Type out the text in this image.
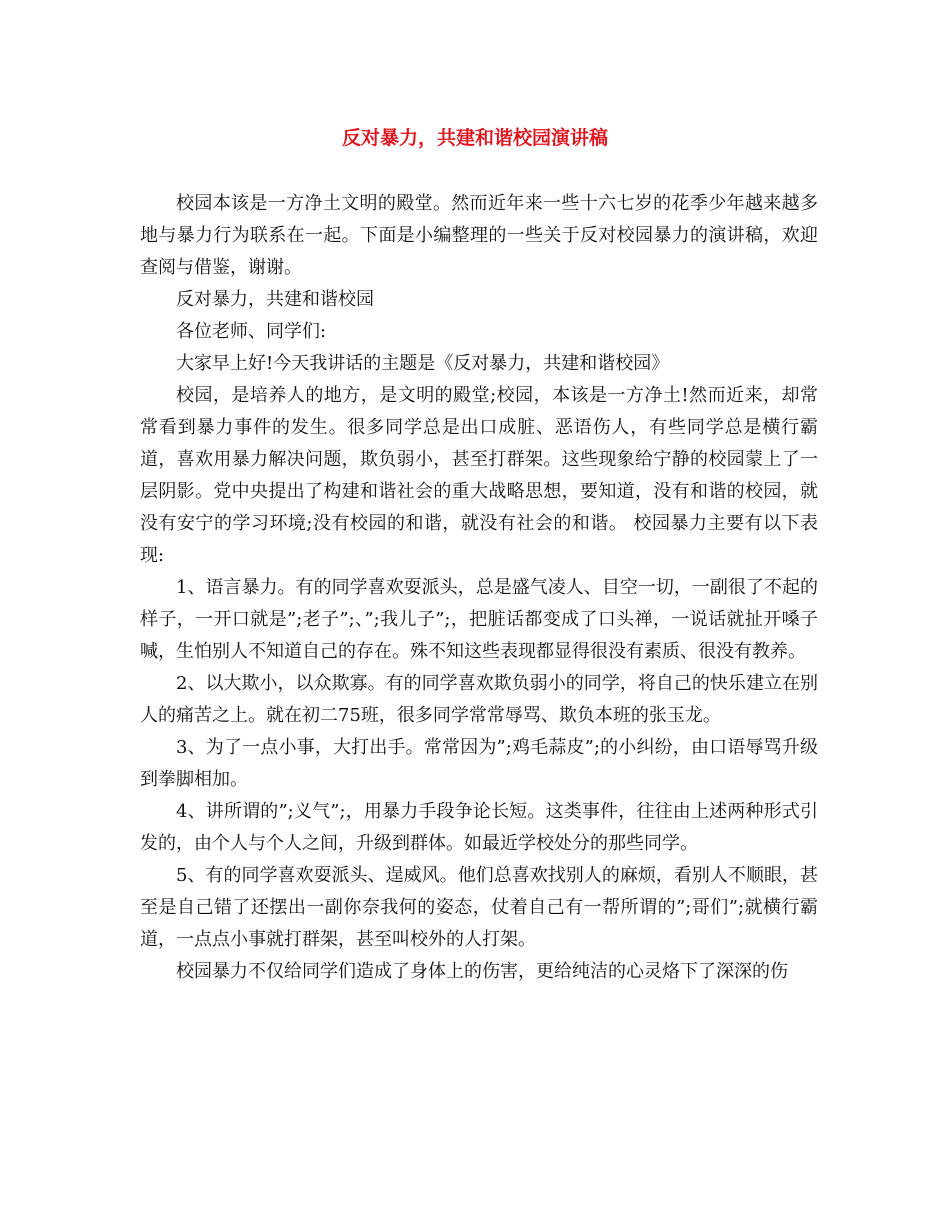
反对暴力，共建和谐校园演讲稿

校园本该是一方净土文明的殿堂。然而近年来一些十六七岁的花季少年越来越多地与暴力行为联系在一起。下面是小编整理的一些关于反对校园暴力的演讲稿，欢迎查阅与借鉴，谢谢。

反对暴力，共建和谐校园

各位老师、同学们:

大家早上好!今天我讲话的主题是《反对暴力，共建和谐校园》

校园，是培养人的地方，是文明的殿堂;校园，本该是一方净土!然而近来，却常常看到暴力事件的发生。很多同学总是出口成脏、恶语伤人，有些同学总是横行霸道，喜欢用暴力解决问题，欺负弱小，甚至打群架。这些现象给宁静的校园蒙上了一层阴影。党中央提出了构建和谐社会的重大战略思想，要知道，没有和谐的校园，就没有安宁的学习环境;没有校园的和谐，就没有社会的和谐。 校园暴力主要有以下表现:

1、语言暴力。有的同学喜欢耍派头，总是盛气凌人、目空一切，一副很了不起的样子，一开口就是”;老子”;、”;我儿子”;，把脏话都变成了口头禅，一说话就扯开嗓子喊，生怕别人不知道自己的存在。殊不知这些表现都显得很没有素质、很没有教养。

2、以大欺小，以众欺寡。有的同学喜欢欺负弱小的同学，将自己的快乐建立在别人的痛苦之上。就在初二75班，很多同学常常辱骂、欺负本班的张玉龙。

3、为了一点小事，大打出手。常常因为”;鸡毛蒜皮”;的小纠纷，由口语辱骂升级到拳脚相加。

4、讲所谓的”;义气”;，用暴力手段争论长短。这类事件，往往由上述两种形式引发的，由个人与个人之间，升级到群体。如最近学校处分的那些同学。

5、有的同学喜欢耍派头、逞威风。他们总喜欢找别人的麻烦，看别人不顺眼，甚至是自己错了还摆出一副你奈我何的姿态，仗着自己有一帮所谓的”;哥们”;就横行霸道，一点点小事就打群架，甚至叫校外的人打架。

校园暴力不仅给同学们造成了身体上的伤害，更给纯洁的心灵烙下了深深的伤
